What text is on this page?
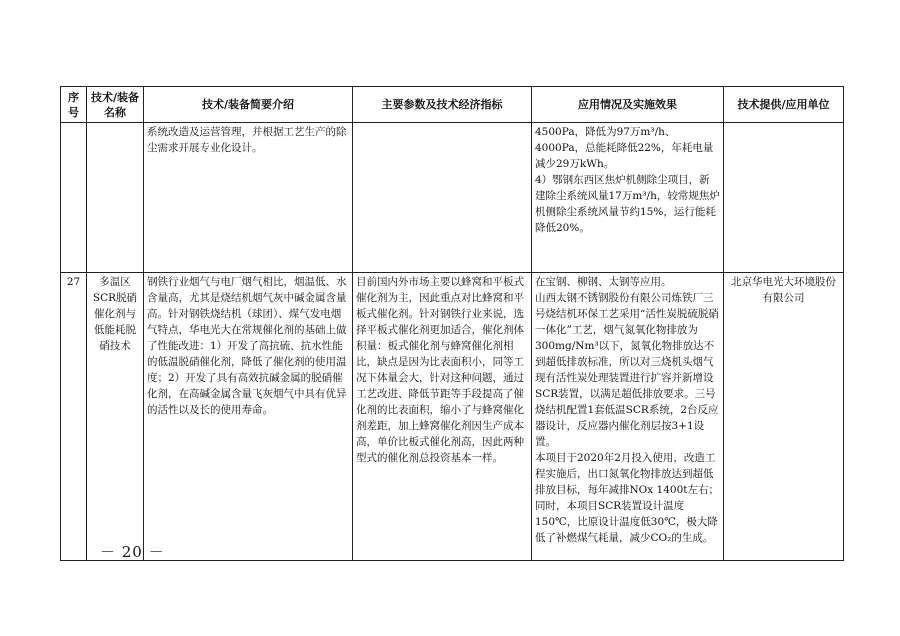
序号	技术/装备名称	技术/装备简要介绍	主要参数及技术经济指标	应用情况及实施效果	技术提供/应用单位
		系统改造及运营管理，并根据工艺生产的除尘需求开展专业化设计。		4500Pa，降低为97万m³/h、4000Pa，总能耗降低22%，年耗电量减少29万kWh。
4）鄂钢东西区焦炉机侧除尘项目，新建除尘系统风量17万m³/h，较常规焦炉机侧除尘系统风量节约15%，运行能耗降低20%。	
27	多温区SCR脱硝催化剂与低能耗脱硝技术	钢铁行业烟气与电厂烟气相比，烟温低、水含量高，尤其是烧结机烟气灰中碱金属含量高。针对钢铁烧结机（球团）、煤气发电烟气特点，华电光大在常规催化剂的基础上做了性能改进：1）开发了高抗硫、抗水性能的低温脱硝催化剂，降低了催化剂的使用温度；2）开发了具有高效抗碱金属的脱硝催化剂，在高碱金属含量飞灰烟气中具有优异的活性以及长的使用寿命。	目前国内外市场主要以蜂窝和平板式催化剂为主，因此重点对比蜂窝和平板式催化剂。针对钢铁行业来说，选择平板式催化剂更加适合，催化剂体积量：板式催化剂与蜂窝催化剂相比，缺点是因为比表面积小，同等工况下体量会大，针对这种问题，通过工艺改进、降低节距等手段提高了催化剂的比表面积，缩小了与蜂窝催化剂差距，加上蜂窝催化剂因生产成本高，单价比板式催化剂高，因此两种型式的催化剂总投资基本一样。	在宝钢、柳钢、太钢等应用。
山西太钢不锈钢股份有限公司炼铁厂三号烧结机环保工艺采用“活性炭脱硫脱硝一体化”工艺，烟气氮氧化物排放为300mg/Nm³以下，氮氧化物排放达不到超低排放标准，所以对三烧机头烟气现有活性炭处理装置进行扩容并新增设SCR装置，以满足超低排放要求。三号烧结机配置1套低温SCR系统，2台反应器设计，反应器内催化剂层按3+1设置。
本项目于2020年2月投入使用，改造工程实施后，出口氮氧化物排放达到超低排放目标，每年减排NOx 1400t左右；同时，本项目SCR装置设计温度150℃，比原设计温度低30℃，极大降低了补燃煤气耗量，减少CO₂的生成。	北京华电光大环境股份有限公司
－ 20 －
